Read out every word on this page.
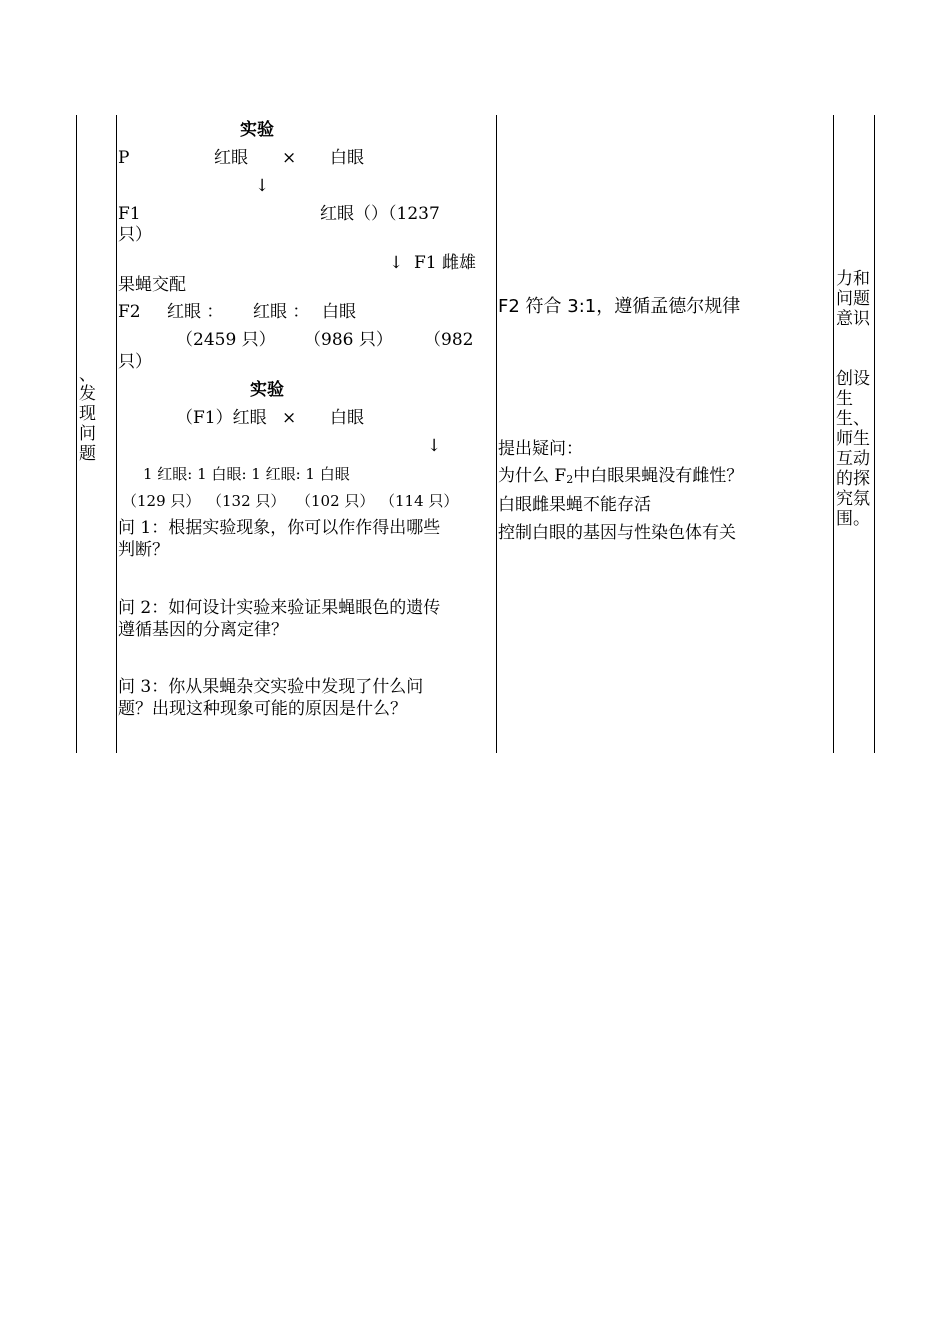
、
发
现
问
题
实验
P	红眼 × 白眼
↓
F1	红眼（）（1237
只）
↓ F1 雌雄
果蝇交配
F2 红眼 ： 红眼 ： 白眼
（2459 只） （986 只） （982
只）
实验
（F1）红眼 × 白眼
↓
1 红眼: 1 白眼: 1 红眼: 1 白眼
（129 只） （132 只） （102 只） （114 只）
问 1：根据实验现象，你可以作作得出哪些
判断？
问 2：如何设计实验来验证果蝇眼色的遗传
遵循基因的分离定律？
问 3：你从果蝇杂交实验中发现了什么问
题？出现这种现象可能的原因是什么？
F2 符合 3:1，遵循孟德尔规律
提出疑问：
为什么 $F_2$中白眼果蝇没有雌性？
白眼雌果蝇不能存活
控制白眼的基因与性染色体有关
力和
问题
意识
创设
生
生、
师生
互动
的探
究氛
围。
